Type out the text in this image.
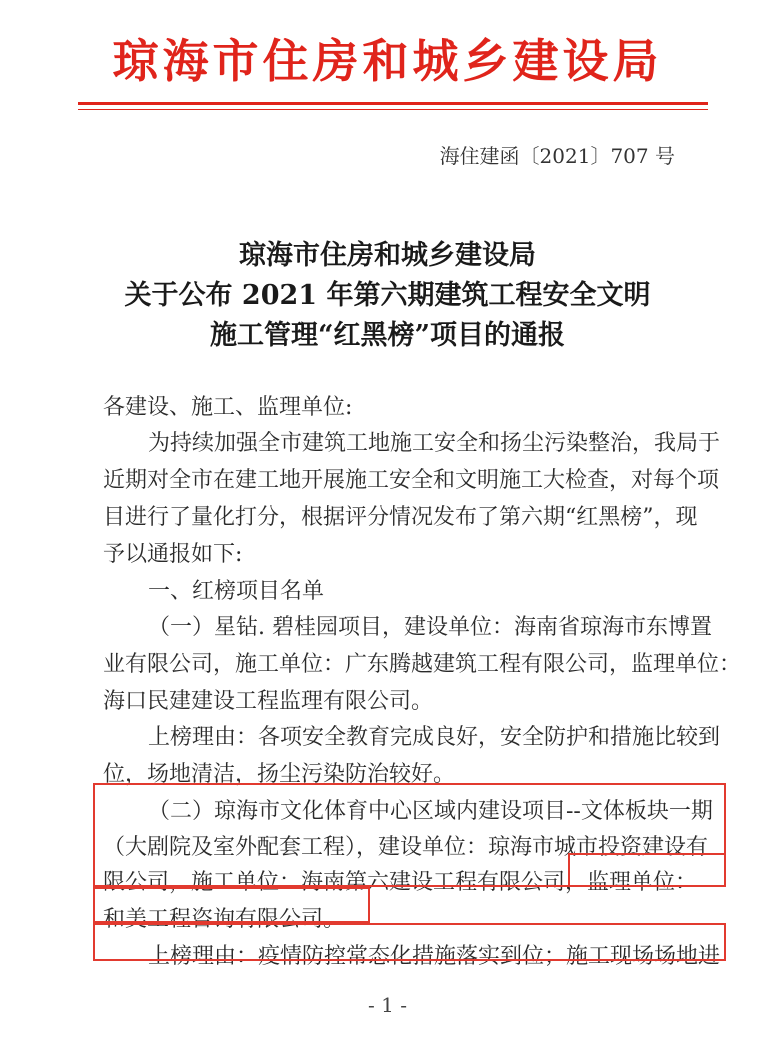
琼海市住房和城乡建设局
海住建函〔2021〕707 号
琼海市住房和城乡建设局
关于公布 2021 年第六期建筑工程安全文明
施工管理“红黑榜”项目的通报
各建设、施工、监理单位:
为持续加强全市建筑工地施工安全和扬尘污染整治，我局于
近期对全市在建工地开展施工安全和文明施工大检查，对每个项
目进行了量化打分，根据评分情况发布了第六期“红黑榜”，现
予以通报如下:
一、红榜项目名单
（一）星钻. 碧桂园项目，建设单位：海南省琼海市东博置
业有限公司，施工单位：广东腾越建筑工程有限公司，监理单位：
海口民建建设工程监理有限公司。
上榜理由：各项安全教育完成良好，安全防护和措施比较到
位，场地清洁，扬尘污染防治较好。
（二）琼海市文化体育中心区域内建设项目--文体板块一期
（大剧院及室外配套工程），建设单位：琼海市城市投资建设有
限公司，施工单位：海南第六建设工程有限公司，监理单位：
和美工程咨询有限公司。
上榜理由：疫情防控常态化措施落实到位；施工现场场地进
- 1 -
